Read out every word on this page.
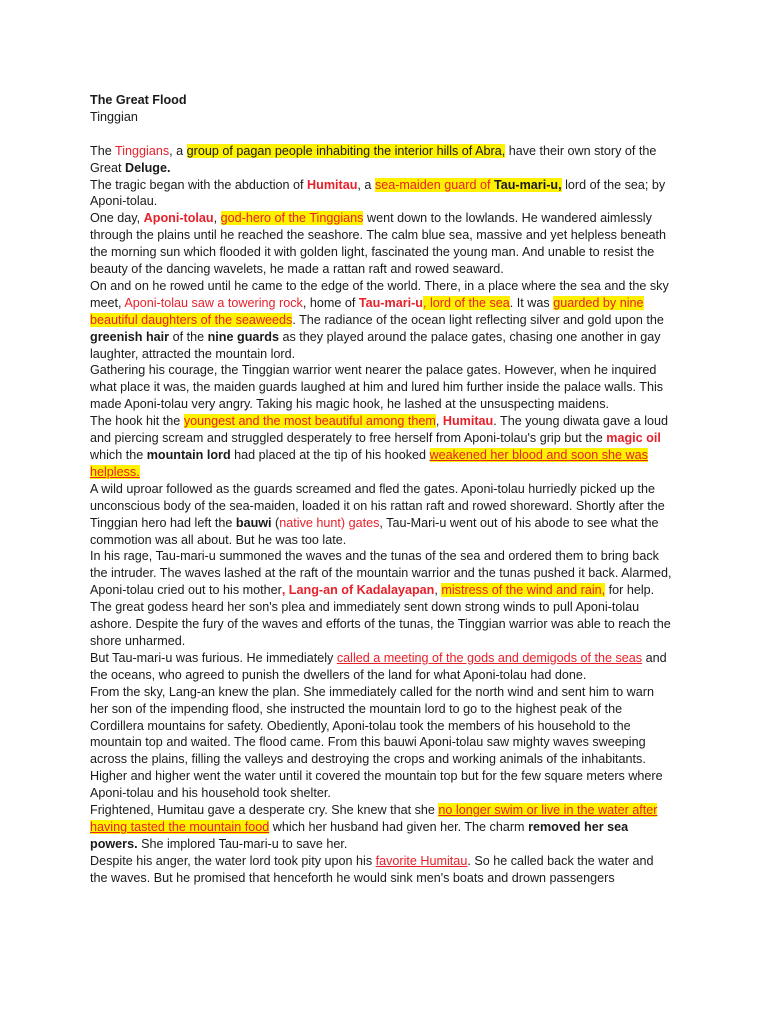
The Great Flood
Tinggian
The Tinggians, a group of pagan people inhabiting the interior hills of Abra, have their own story of the Great Deluge.
The tragic began with the abduction of Humitau, a sea-maiden guard of Tau-mari-u, lord of the sea; by Aponi-tolau.
One day, Aponi-tolau, god-hero of the Tinggians went down to the lowlands. He wandered aimlessly through the plains until he reached the seashore. The calm blue sea, massive and yet helpless beneath the morning sun which flooded it with golden light, fascinated the young man. And unable to resist the beauty of the dancing wavelets, he made a rattan raft and rowed seaward.
On and on he rowed until he came to the edge of the world. There, in a place where the sea and the sky meet, Aponi-tolau saw a towering rock, home of Tau-mari-u, lord of the sea. It was guarded by nine beautiful daughters of the seaweeds. The radiance of the ocean light reflecting silver and gold upon the greenish hair of the nine guards as they played around the palace gates, chasing one another in gay laughter, attracted the mountain lord.
Gathering his courage, the Tinggian warrior went nearer the palace gates. However, when he inquired what place it was, the maiden guards laughed at him and lured him further inside the palace walls. This made Aponi-tolau very angry. Taking his magic hook, he lashed at the unsuspecting maidens.
The hook hit the youngest and the most beautiful among them, Humitau. The young diwata gave a loud and piercing scream and struggled desperately to free herself from Aponi-tolau's grip but the magic oil which the mountain lord had placed at the tip of his hooked weakened her blood and soon she was helpless.
A wild uproar followed as the guards screamed and fled the gates. Aponi-tolau hurriedly picked up the unconscious body of the sea-maiden, loaded it on his rattan raft and rowed shoreward. Shortly after the Tinggian hero had left the bauwi (native hunt) gates, Tau-Mari-u went out of his abode to see what the commotion was all about. But he was too late.
In his rage, Tau-mari-u summoned the waves and the tunas of the sea and ordered them to bring back the intruder. The waves lashed at the raft of the mountain warrior and the tunas pushed it back. Alarmed, Aponi-tolau cried out to his mother, Lang-an of Kadalayapan, mistress of the wind and rain, for help. The great godess heard her son's plea and immediately sent down strong winds to pull Aponi-tolau ashore. Despite the fury of the waves and efforts of the tunas, the Tinggian warrior was able to reach the shore unharmed.
But Tau-mari-u was furious. He immediately called a meeting of the gods and demigods of the seas and the oceans, who agreed to punish the dwellers of the land for what Aponi-tolau had done.
From the sky, Lang-an knew the plan. She immediately called for the north wind and sent him to warn her son of the impending flood, she instructed the mountain lord to go to the highest peak of the Cordillera mountains for safety. Obediently, Aponi-tolau took the members of his household to the mountain top and waited. The flood came. From this bauwi Aponi-tolau saw mighty waves sweeping across the plains, filling the valleys and destroying the crops and working animals of the inhabitants. Higher and higher went the water until it covered the mountain top but for the few square meters where Aponi-tolau and his household took shelter.
Frightened, Humitau gave a desperate cry. She knew that she no longer swim or live in the water after having tasted the mountain food which her husband had given her. The charm removed her sea powers. She implored Tau-mari-u to save her.
Despite his anger, the water lord took pity upon his favorite Humitau. So he called back the water and the waves. But he promised that henceforth he would sink men's boats and drown passengers
